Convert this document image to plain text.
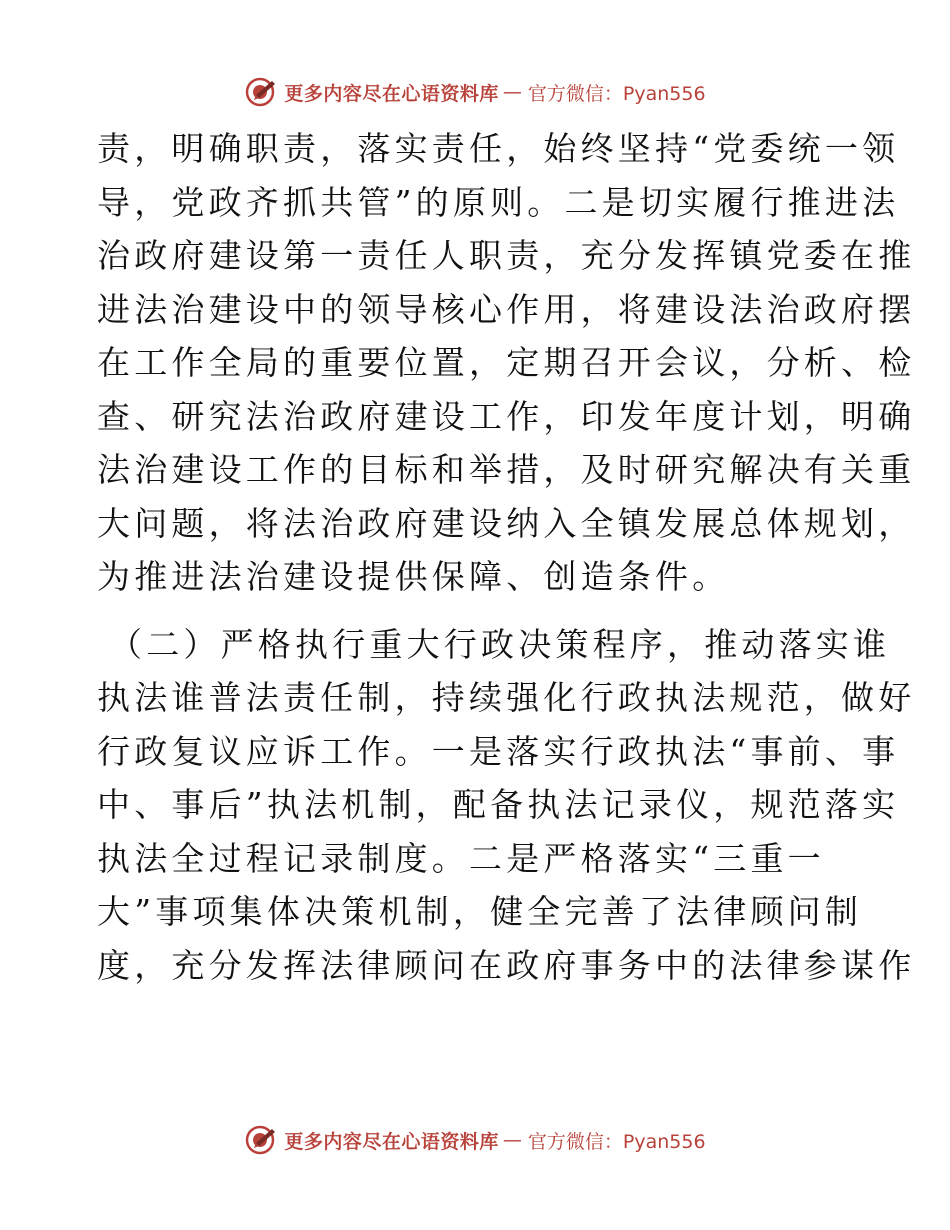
更多内容尽在心语资料库 — 官方微信：Pyan556

责，明确职责，落实责任，始终坚持“党委统一领
导，党政齐抓共管”的原则。二是切实履行推进法
治政府建设第一责任人职责，充分发挥镇党委在推
进法治建设中的领导核心作用，将建设法治政府摆
在工作全局的重要位置，定期召开会议，分析、检
查、研究法治政府建设工作，印发年度计划，明确
法治建设工作的目标和举措，及时研究解决有关重
大问题，将法治政府建设纳入全镇发展总体规划，
为推进法治建设提供保障、创造条件。

（二）严格执行重大行政决策程序，推动落实谁
执法谁普法责任制，持续强化行政执法规范，做好
行政复议应诉工作。一是落实行政执法“事前、事
中、事后”执法机制，配备执法记录仪，规范落实
执法全过程记录制度。二是严格落实“三重一
大”事项集体决策机制，健全完善了法律顾问制
度，充分发挥法律顾问在政府事务中的法律参谋作

更多内容尽在心语资料库 — 官方微信：Pyan556
